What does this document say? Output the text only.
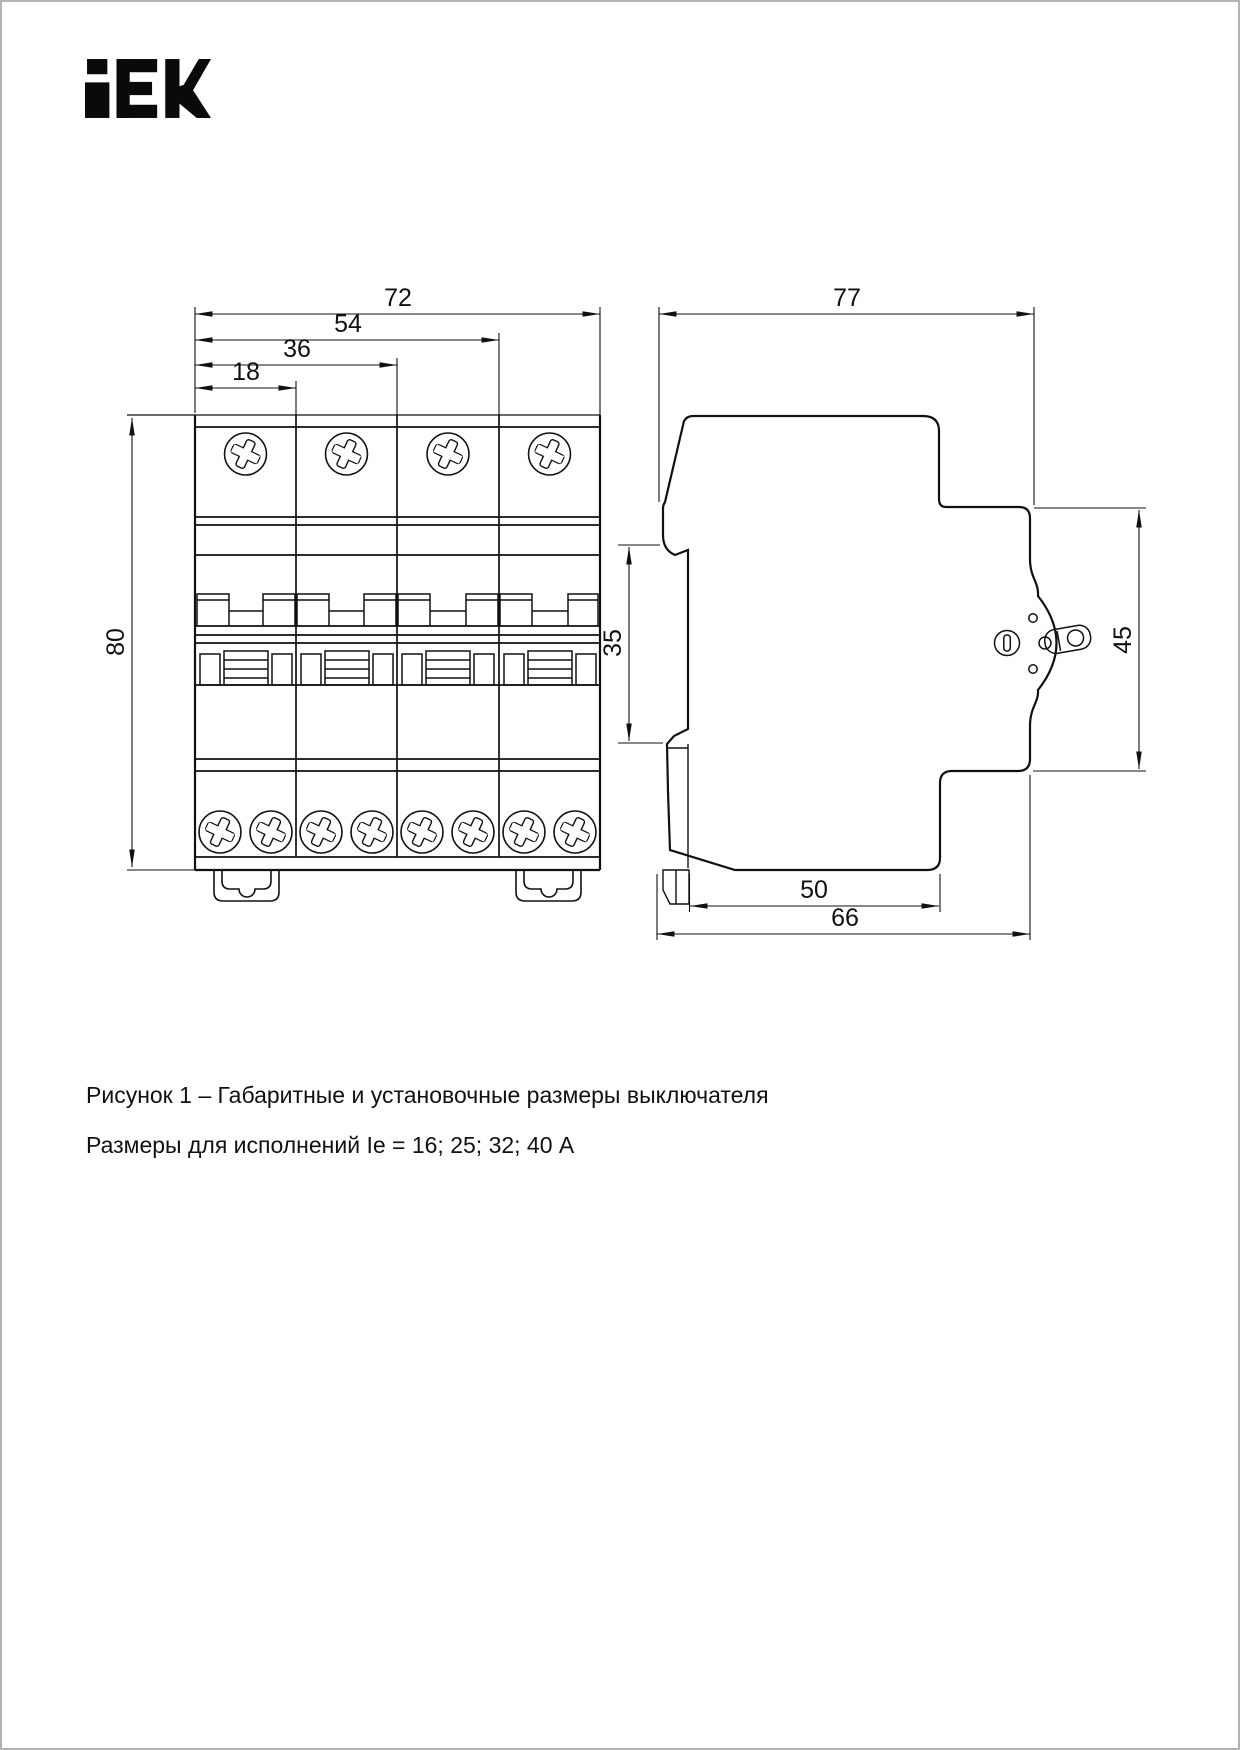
72
54
36
18
80
77
35	45
50
66
Рисунок 1 – Габаритные и установочные размеры выключателя
Размеры для исполнений Ie = 16; 25; 32; 40 А
